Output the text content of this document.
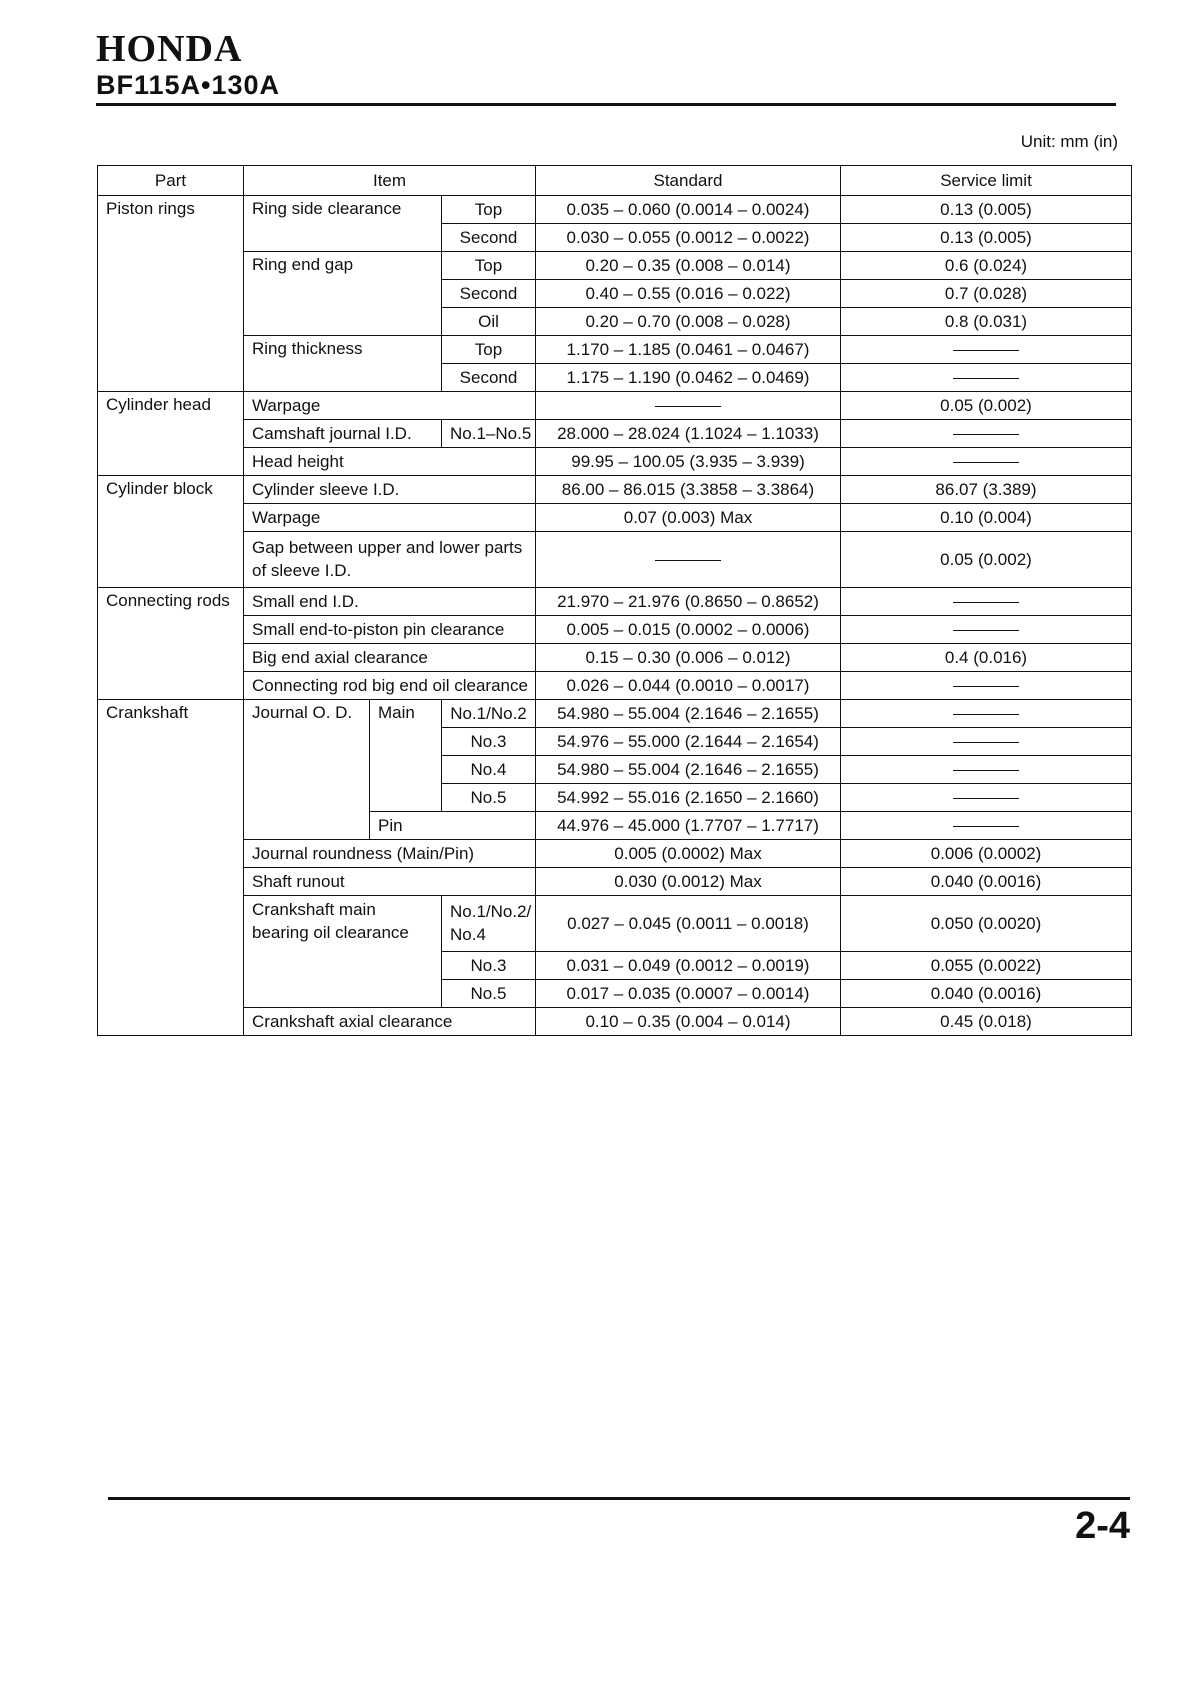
HONDA
BF115A•130A
Unit: mm (in)
Part	Item			Standard	Service limit
Piston rings	Ring side clearance		Top	0.035 – 0.060 (0.0014 – 0.0024)	0.13 (0.005)
			Second	0.030 – 0.055 (0.0012 – 0.0022)	0.13 (0.005)
	Ring end gap		Top	0.20 – 0.35 (0.008 – 0.014)	0.6 (0.024)
			Second	0.40 – 0.55 (0.016 – 0.022)	0.7 (0.028)
			Oil	0.20 – 0.70 (0.008 – 0.028)	0.8 (0.031)
	Ring thickness		Top	1.170 – 1.185 (0.0461 – 0.0467)	
			Second	1.175 – 1.190 (0.0462 – 0.0469)	
Cylinder head	Warpage				0.05 (0.002)
	Camshaft journal I.D.		No.1–No.5	28.000 – 28.024 (1.1024 – 1.1033)	
	Head height			99.95 – 100.05 (3.935 – 3.939)	
Cylinder block	Cylinder sleeve I.D.			86.00 – 86.015 (3.3858 – 3.3864)	86.07 (3.389)
	Warpage			0.07 (0.003) Max	0.10 (0.004)
	Gap between upper and lower parts of sleeve I.D.				0.05 (0.002)
Connecting rods	Small end I.D.			21.970 – 21.976 (0.8650 – 0.8652)	
	Small end-to-piston pin clearance			0.005 – 0.015 (0.0002 – 0.0006)	
	Big end axial clearance			0.15 – 0.30 (0.006 – 0.012)	0.4 (0.016)
	Connecting rod big end oil clearance			0.026 – 0.044 (0.0010 – 0.0017)	
Crankshaft	Journal O. D.	Main	No.1/No.2	54.980 – 55.004 (2.1646 – 2.1655)	
			No.3	54.976 – 55.000 (2.1644 – 2.1654)	
			No.4	54.980 – 55.004 (2.1646 – 2.1655)	
			No.5	54.992 – 55.016 (2.1650 – 2.1660)	
		Pin		44.976 – 45.000 (1.7707 – 1.7717)	
	Journal roundness (Main/Pin)			0.005 (0.0002) Max	0.006 (0.0002)
	Shaft runout			0.030 (0.0012) Max	0.040 (0.0016)
	Crankshaft main bearing oil clearance		No.1/No.2/ No.4	0.027 – 0.045 (0.0011 – 0.0018)	0.050 (0.0020)
			No.3	0.031 – 0.049 (0.0012 – 0.0019)	0.055 (0.0022)
			No.5	0.017 – 0.035 (0.0007 – 0.0014)	0.040 (0.0016)
	Crankshaft axial clearance			0.10 – 0.35 (0.004 – 0.014)	0.45 (0.018)
2-4
